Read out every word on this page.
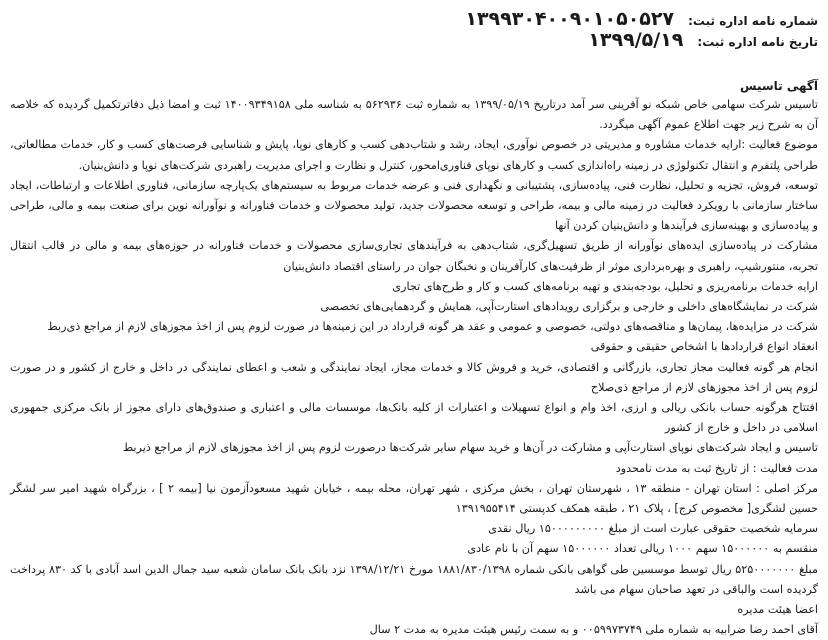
شماره نامه اداره ثبت:
۱۳۹۹۳۰۴۰۰۹۰۱۰۵۰۵۲۷
تاریخ نامه اداره ثبت:
۱۳۹۹/۵/۱۹
آگهی تاسیس

تاسیس شرکت سهامی خاص شبکه نو آفرینی سر آمد درتاریخ ۱۳۹۹/۰۵/۱۹ به شماره ثبت ۵۶۲۹۳۶ به شناسه ملی ۱۴۰۰۹۳۴۹۱۵۸ ثبت و امضا ذیل دفاترتکمیل گردیده که خلاصه آن به شرح زیر جهت اطلاع عموم آگهی میگردد.

موضوع فعالیت :ارایه خدمات مشاوره و مدیریتی در خصوص نوآوری، ایجاد، رشد و شتاب‌دهی کسب و کارهای نوپا، پایش و شناسایی فرصت‌های کسب و کار، خدمات مطالعاتی، طراحی پلتفرم و انتقال تکنولوژی در زمینه راه‌اندازی کسب و کارهای نوپای فناوری‌امحور، کنترل و نظارت و اجرای مدیریت راهبردی شرکت‌های نوپا و دانش‌بنیان.

توسعه، فروش، تجزیه و تحلیل، نظارت فنی، پیاده‌سازی، پشتیبانی و نگهداری فنی و عرضه خدمات مربوط به سیستم‌های یک‌پارچه سازمانی، فناوری اطلاعات و ارتباطات، ایجاد ساختار سازمانی با رویکرد فعالیت در زمینه مالی و بیمه، طراحی و توسعه محصولات جدید، تولید محصولات و خدمات فناورانه و نوآورانه نوین برای صنعت بیمه و مالی، طراحی و پیاده‌سازی و بهینه‌سازی فرآیندها و دانش‌بنیان کردن آنها

مشارکت در پیاده‌سازی ایده‌های نوآورانه از طریق تسهیل‌گری، شتاب‌دهی به فرآیندهای تجاری‌سازی محصولات و خدمات فناورانه در حوزه‌های بیمه و مالی در قالب انتقال تجربه، منتورشیپ، راهبری و بهره‌برداری موثر از ظرفیت‌های کارآفرینان و نخبگان جوان در راستای اقتصاد دانش‌بنیان

ارایه خدمات برنامه‌ریزی و تحلیل، بودجه‌بندی و تهیه برنامه‌های کسب و کار و طرح‌های تجاری

شرکت در نمایشگاه‌های داخلی و خارجی و برگزاری رویدادهای استارت‌آپی، همایش و گردهمایی‌های تخصصی

شرکت در مزایده‌ها، پیمان‌ها و مناقصه‌های دولتی، خصوصی و عمومی و عقد هر گونه قرارداد در این زمینه‌ها در صورت لزوم پس از اخذ مجوزهای لازم از مراجع ذی‌ربط

انعقاد انواع قراردادها با اشخاص حقیقی و حقوقی

انجام هر گونه فعالیت مجاز تجاری، بازرگانی و اقتصادی، خرید و فروش کالا و خدمات مجاز، ایجاد نمایندگی و شعب و اعطای نمایندگی در داخل و خارج از کشور و در صورت لزوم پس از اخذ مجوزهای لازم از مراجع ذی‌صلاح

افتتاح هرگونه حساب بانکی ریالی و ارزی، اخذ وام و انواع تسهیلات و اعتبارات از کلیه بانک‌ها، موسسات مالی و اعتباری و صندوق‌های دارای مجوز از بانک مرکزی جمهوری اسلامی در داخل و خارج از کشور

تاسیس و ایجاد شرکت‌های نوپای استارت‌آپی و مشارکت در آن‌ها و خرید سهام سایر شرکت‌ها درصورت لزوم پس از اخذ مجوزهای لازم از مراجع ذیربط

مدت فعالیت : از تاریخ ثبت به مدت نامحدود

مرکز اصلی : استان تهران - منطقه ۱۳ ، شهرستان تهران ، بخش مرکزی ، شهر تهران، محله بیمه ، خیابان شهید مسعودآزمون نیا [بیمه ۲ ] ، بزرگراه شهید امیر سر لشگر حسین لشگری[ مخصوص کرج] ، پلاک ۲۱ ، طبقه همکف کدپستی ۱۳۹۱۹۵۵۴۱۴

سرمایه شخصیت حقوقی عبارت است از مبلغ ۱۵۰۰۰۰۰۰۰۰۰ ریال نقدی

منقسم به ۱۵۰۰۰۰۰۰ سهم ۱۰۰۰ ریالی تعداد ۱۵۰۰۰۰۰۰ سهم آن با نام عادی

مبلغ ۵۲۵۰۰۰۰۰۰۰ ریال توسط موسسین طی گواهی بانکی شماره ۱۸۸۱/۸۳۰/۱۳۹۸ مورخ ۱۳۹۸/۱۲/۲۱ نزد بانک بانک سامان شعبه سید جمال الدین اسد آبادی با کد ۸۳۰ پرداخت گردیده است والباقی در تعهد صاحبان سهام می باشد

اعضا هیئت مدیره

آقای احمد رضا ضرابیه به شماره ملی ۰۰۵۹۹۷۳۷۴۹ و به سمت رئیس هیئت مدیره به مدت ۲ سال
